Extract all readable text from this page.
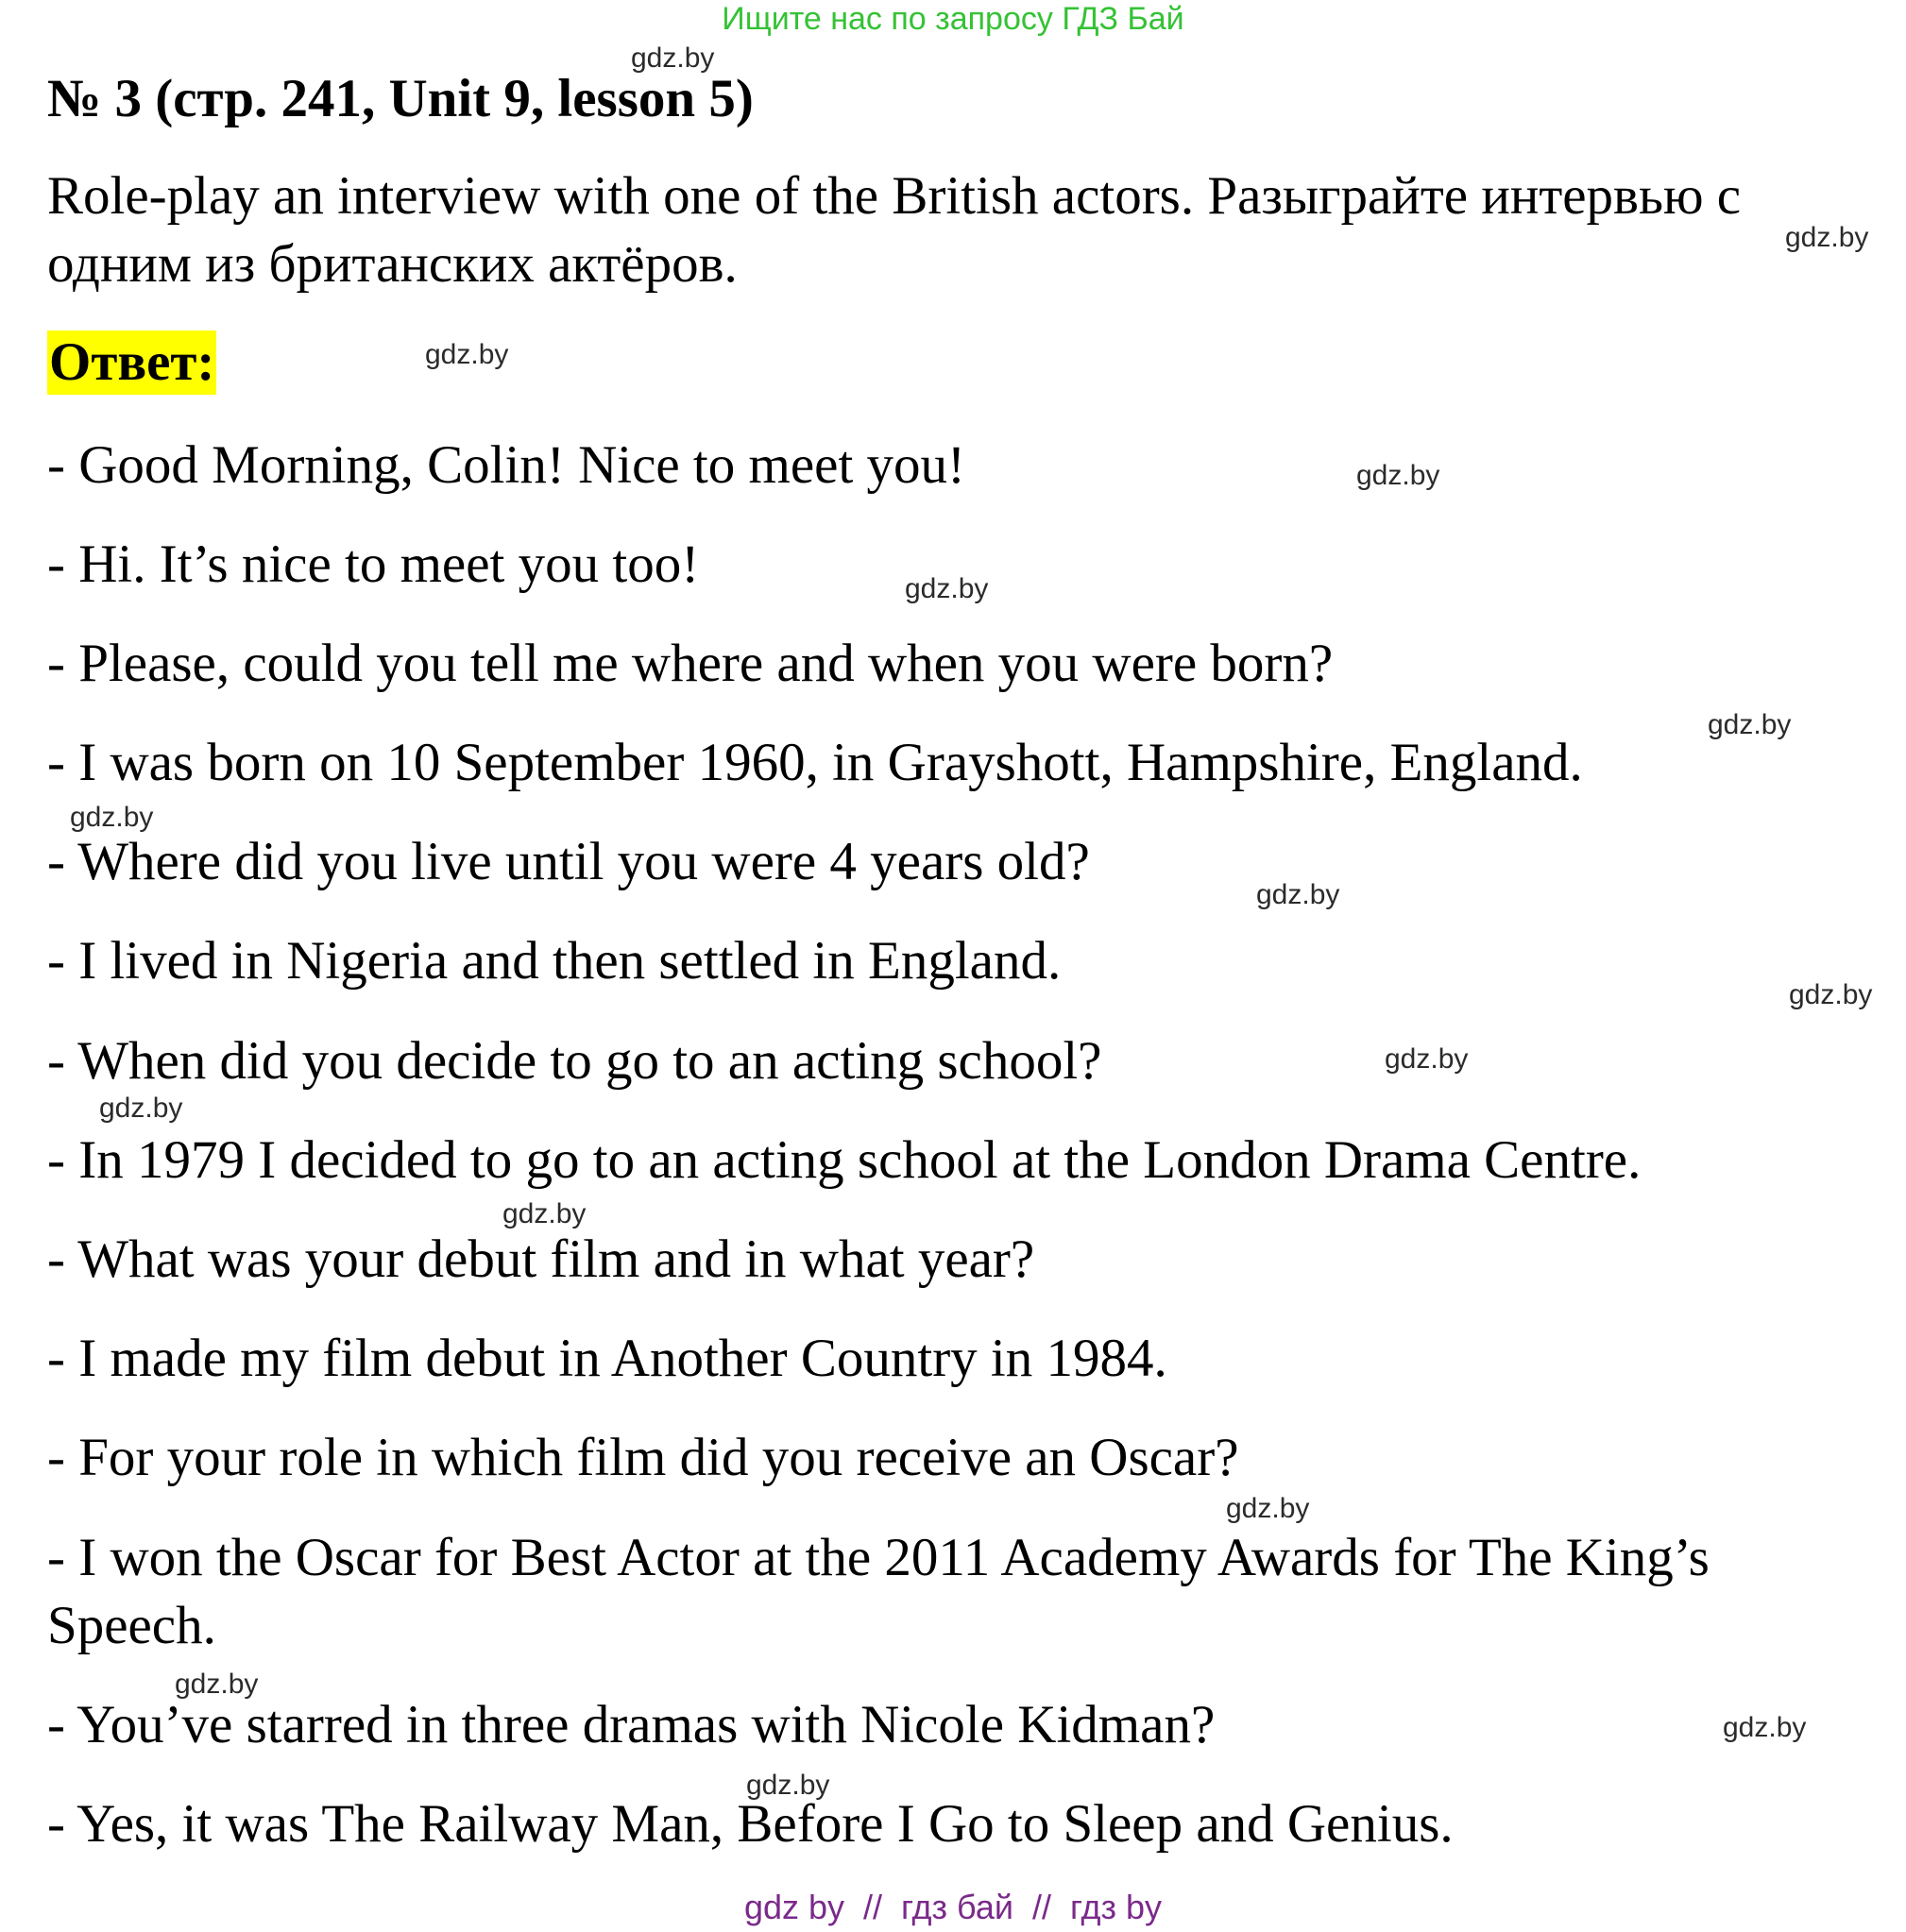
Ищите нас по запросу ГДЗ Бай
№ 3 (стр. 241, Unit 9, lesson 5)
Role-play an interview with one of the British actors. Разыграйте интервью с одним из британских актёров.
Ответ:
- Good Morning, Colin! Nice to meet you!
- Hi. It’s nice to meet you too!
- Please, could you tell me where and when you were born?
- I was born on 10 September 1960, in Grayshott, Hampshire, England.
- Where did you live until you were 4 years old?
- I lived in Nigeria and then settled in England.
- When did you decide to go to an acting school?
- In 1979 I decided to go to an acting school at the London Drama Centre.
- What was your debut film and in what year?
- I made my film debut in Another Country in 1984.
- For your role in which film did you receive an Oscar?
- I won the Oscar for Best Actor at the 2011 Academy Awards for The King’s Speech.
- You’ve starred in three dramas with Nicole Kidman?
- Yes, it was The Railway Man, Before I Go to Sleep and Genius.
gdz.by
gdz.by
gdz.by
gdz.by
gdz.by
gdz.by
gdz.by
gdz.by
gdz.by
gdz.by
gdz.by
gdz.by
gdz.by
gdz.by
gdz.by
gdz.by
gdz by  //  гдз бай  //  гдз by
